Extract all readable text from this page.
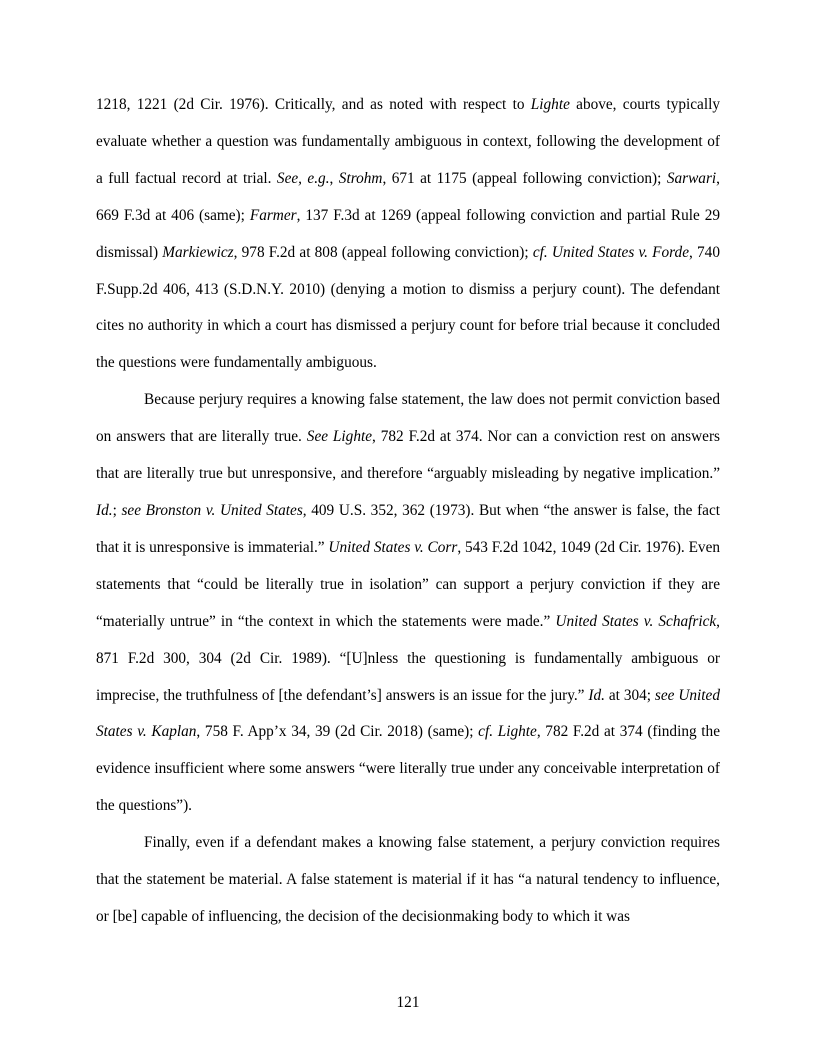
1218, 1221 (2d Cir. 1976). Critically, and as noted with respect to Lighte above, courts typically evaluate whether a question was fundamentally ambiguous in context, following the development of a full factual record at trial. See, e.g., Strohm, 671 at 1175 (appeal following conviction); Sarwari, 669 F.3d at 406 (same); Farmer, 137 F.3d at 1269 (appeal following conviction and partial Rule 29 dismissal) Markiewicz, 978 F.2d at 808 (appeal following conviction); cf. United States v. Forde, 740 F.Supp.2d 406, 413 (S.D.N.Y. 2010) (denying a motion to dismiss a perjury count). The defendant cites no authority in which a court has dismissed a perjury count for before trial because it concluded the questions were fundamentally ambiguous.

Because perjury requires a knowing false statement, the law does not permit conviction based on answers that are literally true. See Lighte, 782 F.2d at 374. Nor can a conviction rest on answers that are literally true but unresponsive, and therefore “arguably misleading by negative implication.” Id.; see Bronston v. United States, 409 U.S. 352, 362 (1973). But when “the answer is false, the fact that it is unresponsive is immaterial.” United States v. Corr, 543 F.2d 1042, 1049 (2d Cir. 1976). Even statements that “could be literally true in isolation” can support a perjury conviction if they are “materially untrue” in “the context in which the statements were made.” United States v. Schafrick, 871 F.2d 300, 304 (2d Cir. 1989). “[U]nless the questioning is fundamentally ambiguous or imprecise, the truthfulness of [the defendant’s] answers is an issue for the jury.” Id. at 304; see United States v. Kaplan, 758 F. App’x 34, 39 (2d Cir. 2018) (same); cf. Lighte, 782 F.2d at 374 (finding the evidence insufficient where some answers “were literally true under any conceivable interpretation of the questions”).

Finally, even if a defendant makes a knowing false statement, a perjury conviction requires that the statement be material. A false statement is material if it has “a natural tendency to influence, or [be] capable of influencing, the decision of the decisionmaking body to which it was

121
